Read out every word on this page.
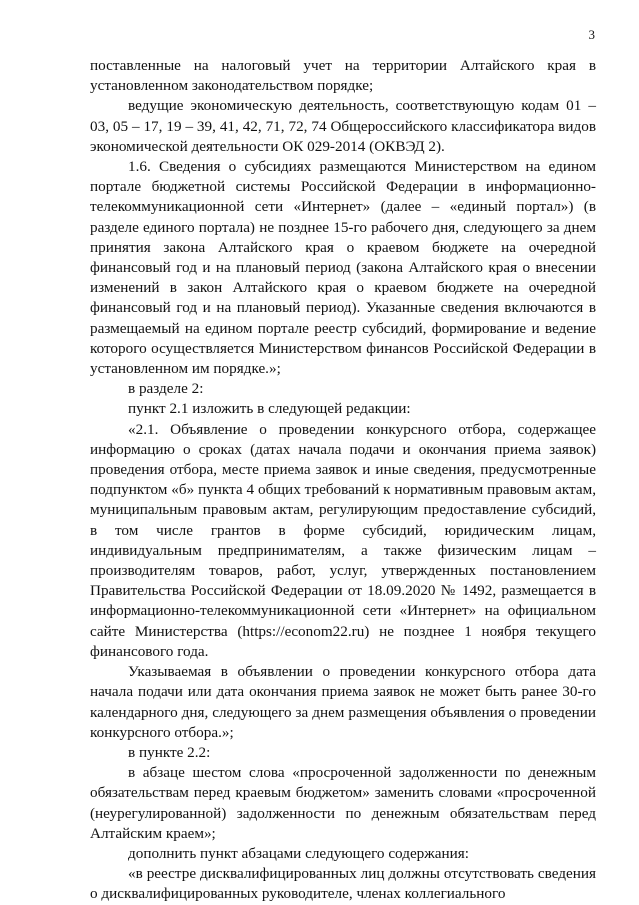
3

поставленные на налоговый учет на территории Алтайского края в установленном законодательством порядке;

ведущие экономическую деятельность, соответствующую кодам 01 – 03, 05 – 17, 19 – 39, 41, 42, 71, 72, 74 Общероссийского классификатора видов экономической деятельности ОК 029-2014 (ОКВЭД 2).

1.6. Сведения о субсидиях размещаются Министерством на едином портале бюджетной системы Российской Федерации в информационно-телекоммуникационной сети «Интернет» (далее – «единый портал») (в разделе единого портала) не позднее 15-го рабочего дня, следующего за днем принятия закона Алтайского края о краевом бюджете на очередной финансовый год и на плановый период (закона Алтайского края о внесении изменений в закон Алтайского края о краевом бюджете на очередной финансовый год и на плановый период). Указанные сведения включаются в размещаемый на едином портале реестр субсидий, формирование и ведение которого осуществляется Министерством финансов Российской Федерации в установленном им порядке.»;

в разделе 2:

пункт 2.1 изложить в следующей редакции:

«2.1. Объявление о проведении конкурсного отбора, содержащее информацию о сроках (датах начала подачи и окончания приема заявок) проведения отбора, месте приема заявок и иные сведения, предусмотренные подпунктом «б» пункта 4 общих требований к нормативным правовым актам, муниципальным правовым актам, регулирующим предоставление субсидий, в том числе грантов в форме субсидий, юридическим лицам, индивидуальным предпринимателям, а также физическим лицам – производителям товаров, работ, услуг, утвержденных постановлением Правительства Российской Федерации от 18.09.2020 № 1492, размещается в информационно-телекоммуникационной сети «Интернет» на официальном сайте Министерства (https://econom22.ru) не позднее 1 ноября текущего финансового года.

Указываемая в объявлении о проведении конкурсного отбора дата начала подачи или дата окончания приема заявок не может быть ранее 30-го календарного дня, следующего за днем размещения объявления о проведении конкурсного отбора.»;

в пункте 2.2:

в абзаце шестом слова «просроченной задолженности по денежным обязательствам перед краевым бюджетом» заменить словами «просроченной (неурегулированной) задолженности по денежным обязательствам перед Алтайским краем»;

дополнить пункт абзацами следующего содержания:

«в реестре дисквалифицированных лиц должны отсутствовать сведения о дисквалифицированных руководителе, членах коллегиального
